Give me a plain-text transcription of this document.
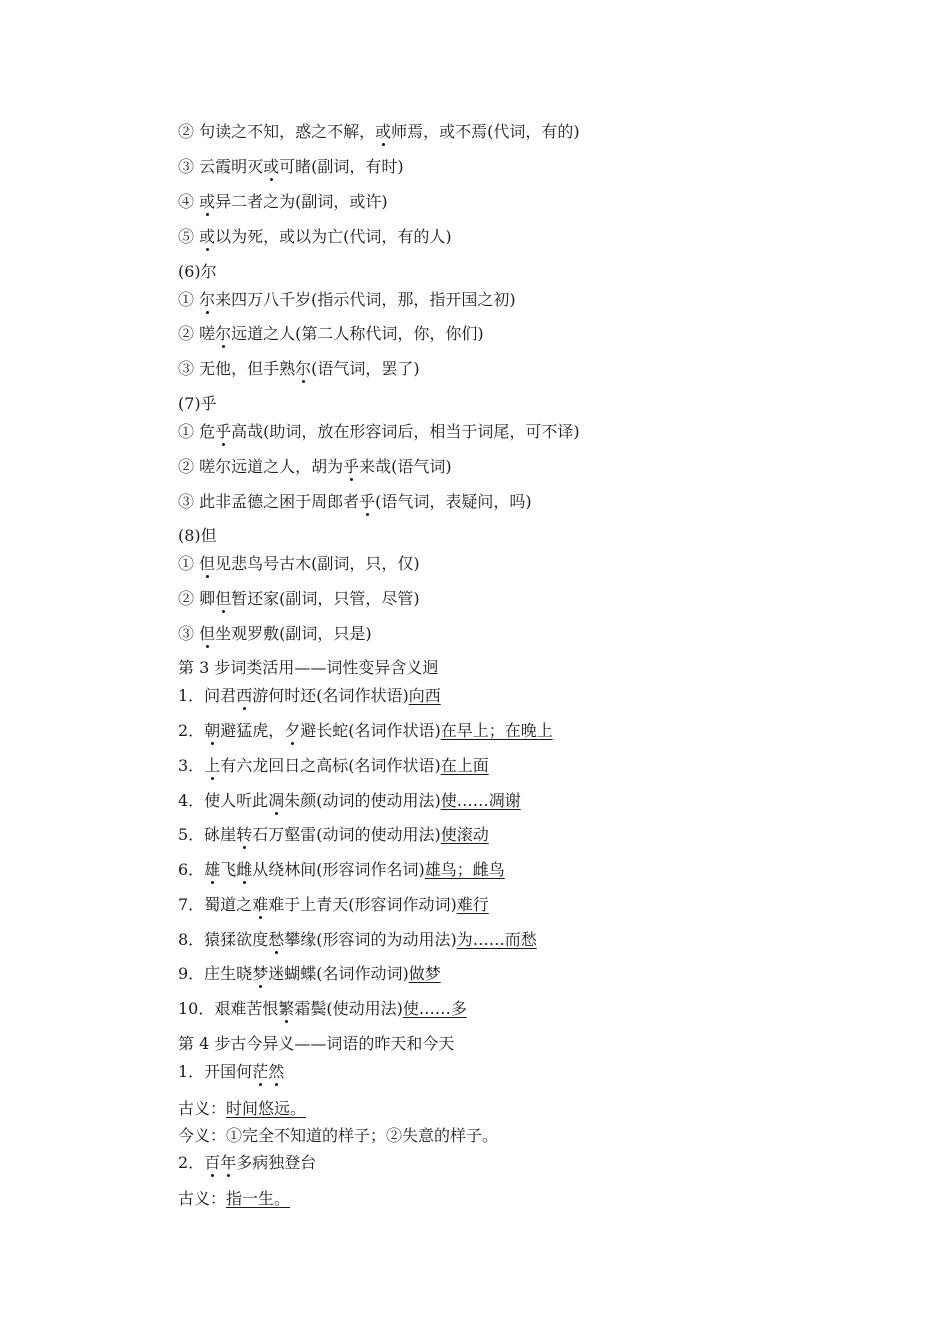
② 句读之不知，惑之不解，或师焉，或不焉(代词，有的)
③ 云霞明灭或可睹(副词，有时)
④ 或异二者之为(副词，或许)
⑤ 或以为死，或以为亡(代词，有的人)
(6)尔
① 尔来四万八千岁(指示代词，那，指开国之初)
② 嗟尔远道之人(第二人称代词，你，你们)
③ 无他，但手熟尔(语气词，罢了)
(7)乎
① 危乎高哉(助词，放在形容词后，相当于词尾，可不译)
② 嗟尔远道之人，胡为乎来哉(语气词)
③ 此非孟德之困于周郎者乎(语气词，表疑问，吗)
(8)但
① 但见悲鸟号古木(副词，只，仅)
② 卿但暂还家(副词，只管，尽管)
③ 但坐观罗敷(副词，只是)
第 3 步词类活用——词性变异含义迥
1．问君西游何时还(名词作状语)向西
2．朝避猛虎，夕避长蛇(名词作状语)在早上；在晚上
3．上有六龙回日之高标(名词作状语)在上面
4．使人听此凋朱颜(动词的使动用法)使……凋谢
5．砯崖转石万壑雷(动词的使动用法)使滚动
6．雄飞雌从绕林间(形容词作名词)雄鸟；雌鸟
7．蜀道之难难于上青天(形容词作动词)难行
8．猿猱欲度愁攀缘(形容词的为动用法)为……而愁
9．庄生晓梦迷蝴蝶(名词作动词)做梦
10．艰难苦恨繁霜鬓(使动用法)使……多
第 4 步古今异义——词语的昨天和今天
1．开国何茫然
古义：时间悠远。
今义：①完全不知道的样子；②失意的样子。
2．百年多病独登台
古义：指一生。
